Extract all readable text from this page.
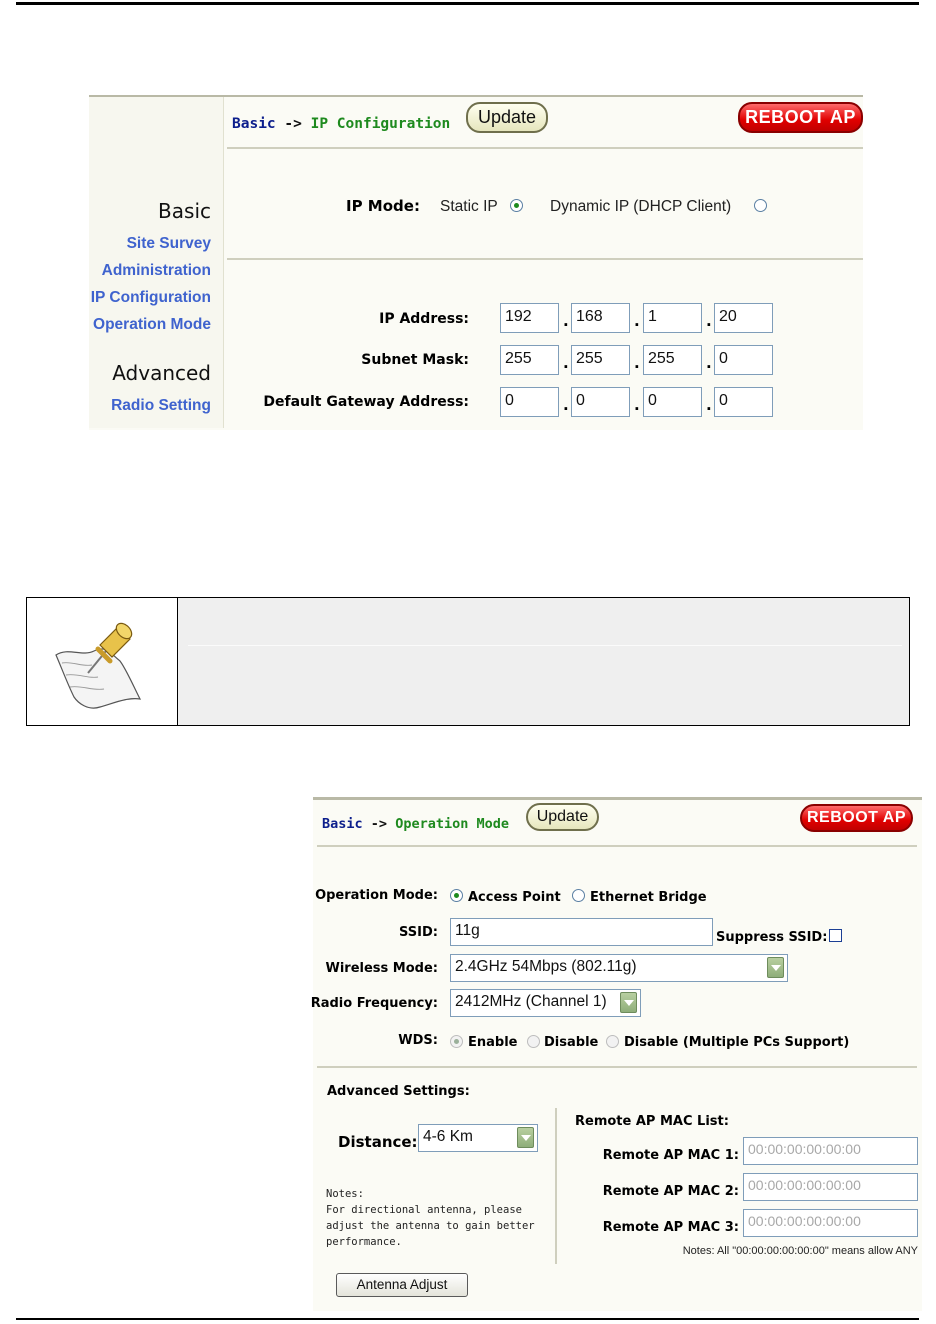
Basic
Site Survey
Administration
IP Configuration
Operation Mode
Advanced
Radio Setting
Basic -> IP Configuration	Update	REBOOT AP
IP Mode: Static IP	Dynamic IP (DHCP Client)
IP Address:	192	. 168	. 1	. 20
Subnet Mask:	255	. 255	. 255	. 0
Default Gateway Address:	0	. 0	. 0	. 0
Basic -> Operation Mode	Update	REBOOT AP
Operation Mode: Access Point Ethernet Bridge
SSID:	11g	Suppress SSID:
Wireless Mode:	2.4GHz 54Mbps (802.11g)
Radio Frequency:	2412MHz (Channel 1)
WDS: Enable Disable Disable (Multiple PCs Support)
Advanced Settings:
Distance: 4-6 Km
Notes:
For directional antenna, please
adjust the antenna to gain better
performance.
Antenna Adjust
Remote AP MAC List:
Remote AP MAC 1: 00:00:00:00:00:00
Remote AP MAC 2: 00:00:00:00:00:00
Remote AP MAC 3: 00:00:00:00:00:00
Notes: All "00:00:00:00:00:00" means allow ANY
